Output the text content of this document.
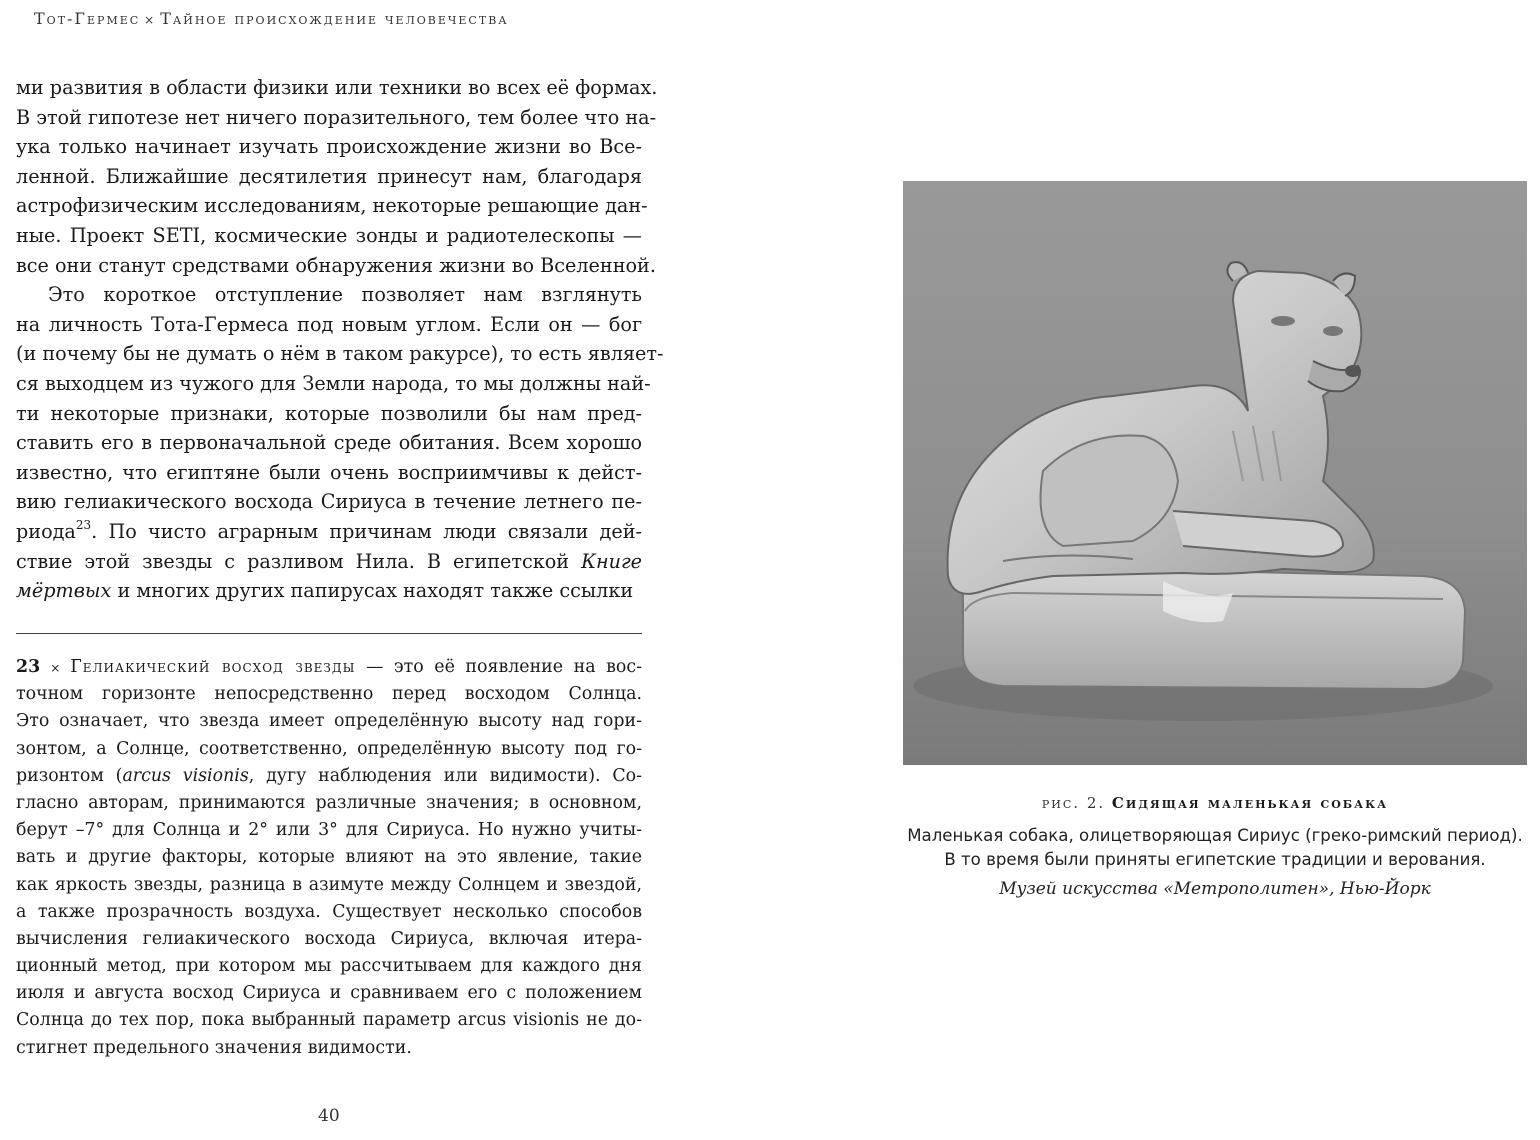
Тот-Гермес × Тайное происхождение человечества
ми развития в области физики или техники во всех её формах.
В этой гипотезе нет ничего поразительного, тем более что на-
ука только начинает изучать происхождение жизни во Все-
ленной. Ближайшие десятилетия принесут нам, благодаря
астрофизическим исследованиям, некоторые решающие дан-
ные. Проект SETI, космические зонды и радиотелескопы —
все они станут средствами обнаружения жизни во Вселенной.
Это короткое отступление позволяет нам взглянуть
на личность Тота-Гермеса под новым углом. Если он — бог
(и почему бы не думать о нём в таком ракурсе), то есть являет-
ся выходцем из чужого для Земли народа, то мы должны най-
ти некоторые признаки, которые позволили бы нам пред-
ставить его в первоначальной среде обитания. Всем хорошо
известно, что египтяне были очень восприимчивы к дейст-
вию гелиакического восхода Сириуса в течение летнего пе-
риода$^{23}$. По чисто аграрным причинам люди связали дей-
ствие этой звезды с разливом Нила. В египетской Книге
мёртвых и многих других папирусах находят также ссылки
23 × Гелиакический восход звезды — это её появление на вос-
точном горизонте непосредственно перед восходом Солнца.
Это означает, что звезда имеет определённую высоту над гори-
зонтом, а Солнце, соответственно, определённую высоту под го-
ризонтом (arcus visionis, дугу наблюдения или видимости). Со-
гласно авторам, принимаются различные значения; в основном,
берут –7° для Солнца и 2° или 3° для Сириуса. Но нужно учиты-
вать и другие факторы, которые влияют на это явление, такие
как яркость звезды, разница в азимуте между Солнцем и звездой,
а также прозрачность воздуха. Существует несколько способов
вычисления гелиакического восхода Сириуса, включая итера-
ционный метод, при котором мы рассчитываем для каждого дня
июля и августа восход Сириуса и сравниваем его с положением
Солнца до тех пор, пока выбранный параметр arcus visionis не до-
стигнет предельного значения видимости.
40
рис. 2. Сидящая маленькая собака
Маленькая собака, олицетворяющая Сириус (греко-римский период).
В то время были приняты египетские традиции и верования.
Музей искусства «Метрополитен», Нью-Йорк
